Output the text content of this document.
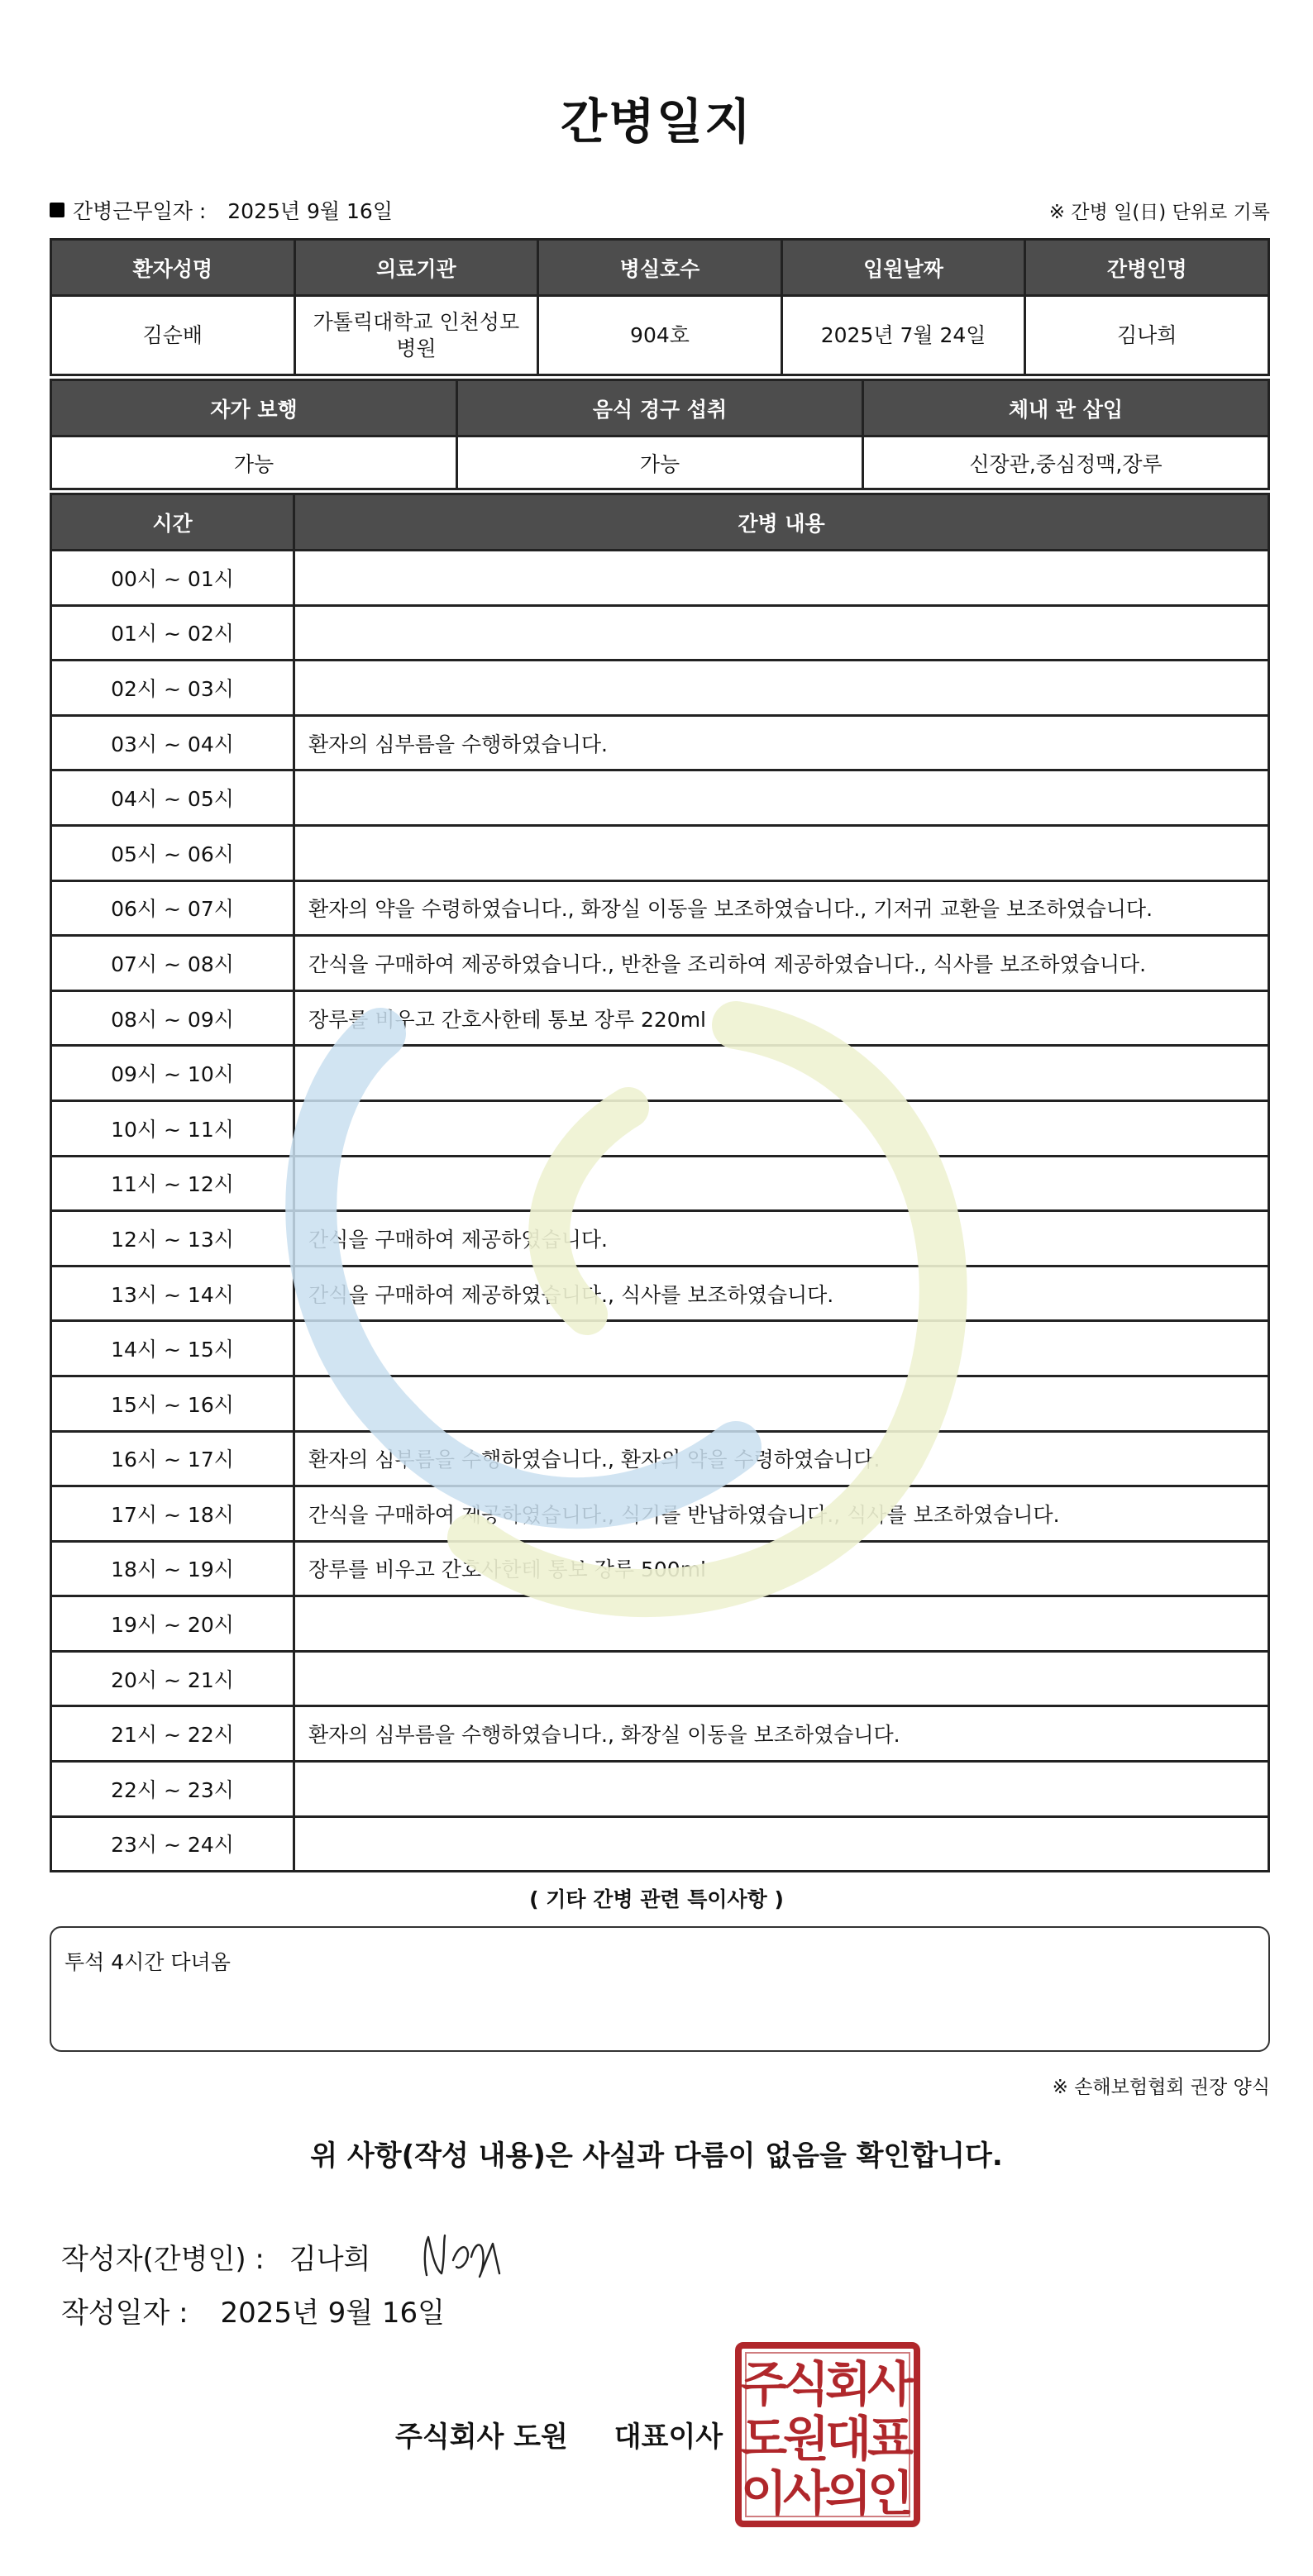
간병일지
간병근무일자 : 2025년 9월 16일	※ 간병 일(日) 단위로 기록
환자성명	의료기관	병실호수	입원날짜	간병인명
김순배	가톨릭대학교 인천성모병원	904호	2025년 7월 24일	김나희
자가 보행	음식 경구 섭취	체내 관 삽입
가능	가능	신장관,중심정맥,장루
시간	간병 내용
00시 ~ 01시	
01시 ~ 02시	
02시 ~ 03시	
03시 ~ 04시	환자의 심부름을 수행하였습니다.
04시 ~ 05시	
05시 ~ 06시	
06시 ~ 07시	환자의 약을 수령하였습니다., 화장실 이동을 보조하였습니다., 기저귀 교환을 보조하였습니다.
07시 ~ 08시	간식을 구매하여 제공하였습니다., 반찬을 조리하여 제공하였습니다., 식사를 보조하였습니다.
08시 ~ 09시	장루를 비우고 간호사한테 통보 장루 220ml
09시 ~ 10시	
10시 ~ 11시	
11시 ~ 12시	
12시 ~ 13시	간식을 구매하여 제공하였습니다.
13시 ~ 14시	간식을 구매하여 제공하였습니다., 식사를 보조하였습니다.
14시 ~ 15시	
15시 ~ 16시	
16시 ~ 17시	환자의 심부름을 수행하였습니다., 환자의 약을 수령하였습니다.
17시 ~ 18시	간식을 구매하여 제공하였습니다., 식기를 반납하였습니다., 식사를 보조하였습니다.
18시 ~ 19시	장루를 비우고 간호사한테 통보 장루 500ml
19시 ~ 20시	
20시 ~ 21시	
21시 ~ 22시	환자의 심부름을 수행하였습니다., 화장실 이동을 보조하였습니다.
22시 ~ 23시	
23시 ~ 24시	
( 기타 간병 관련 특이사항 )
투석 4시간 다녀옴
※ 손해보험협회 권장 양식
위 사항(작성 내용)은 사실과 다름이 없음을 확인합니다.
작성자(간병인) : 김나희
작성일자 : 2025년 9월 16일
주식회사 도원 대표이사
주
식
회
사
도
원
대
표
이
사
의
인
